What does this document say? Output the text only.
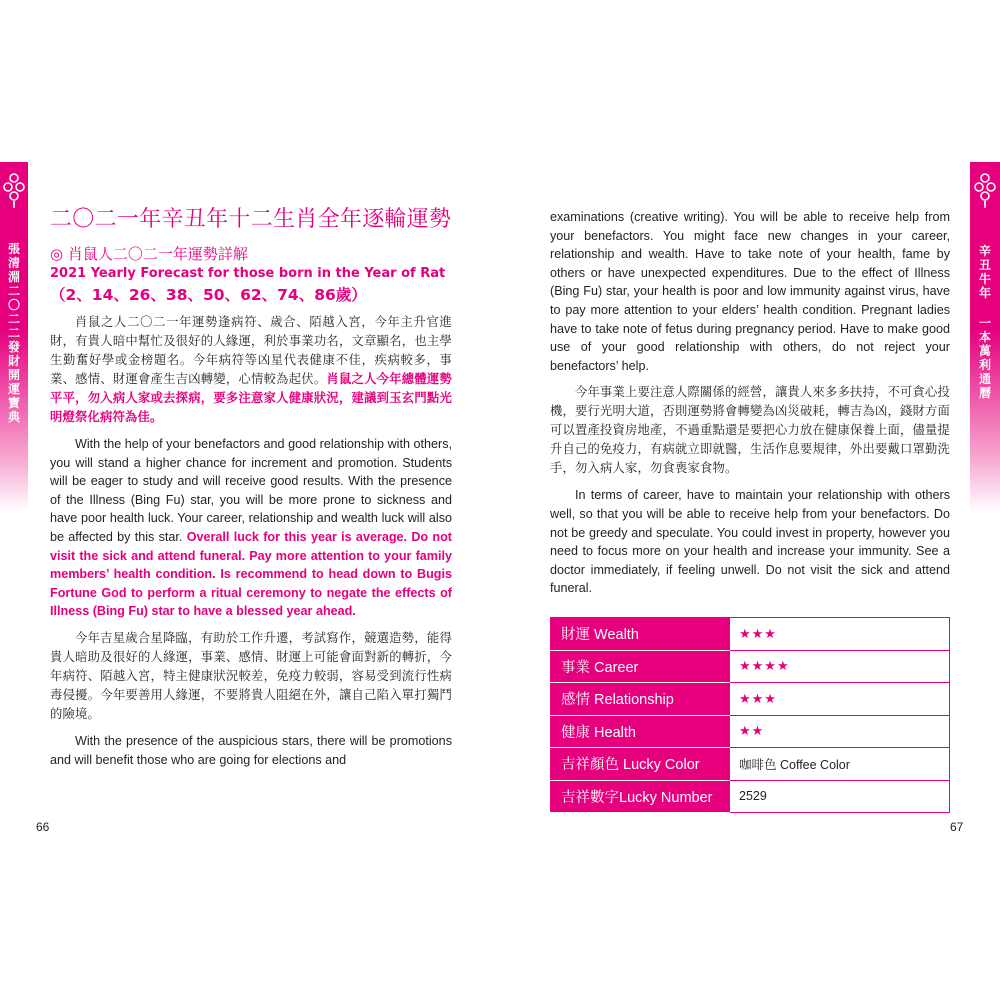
張清淵二〇二二發財開運寶典
辛丑牛年
一本萬利通曆
二〇二一年辛丑年十二生肖全年逐輪運勢
◎ 肖鼠人二〇二一年運勢詳解
2021 Yearly Forecast for those born in the Year of Rat
（2、14、26、38、50、62、74、86歲）

肖鼠之人二〇二一年運勢逢病符、歲合、陌越入宮，今年主升官進財，有貴人暗中幫忙及很好的人緣運，利於事業功名，文章顯名，也主學生勤奮好學或金榜題名。今年病符等凶星代表健康不佳，疾病較多，事業、感情、財運會產生吉凶轉變，心情較為起伏。肖鼠之人今年總體運勢平平，勿入病人家或去探病，要多注意家人健康狀況，建議到玉玄門點光明燈祭化病符為佳。

With the help of your benefactors and good relationship with others, you will stand a higher chance for increment and promotion. Students will be eager to study and will receive good results. With the presence of the Illness (Bing Fu) star, you will be more prone to sickness and have poor health luck. Your career, relationship and wealth luck will also be affected by this star. Overall luck for this year is average. Do not visit the sick and attend funeral. Pay more attention to your family members’ health condition. Is recommend to head down to Bugis Fortune God to perform a ritual ceremony to negate the effects of Illness (Bing Fu) star to have a blessed year ahead.

今年吉星歲合星降臨，有助於工作升遷，考試寫作，競選造勢，能得貴人暗助及很好的人緣運，事業、感情、財運上可能會面對新的轉折，今年病符、陌越入宮，特主健康狀況較差，免疫力較弱，容易受到流行性病毒侵擾。今年要善用人緣運，不要將貴人阻絕在外，讓自己陷入單打獨鬥的險境。

With the presence of the auspicious stars, there will be promotions and will benefit those who are going for elections and

66

examinations (creative writing). You will be able to receive help from your benefactors. You might face new changes in your career, relationship and wealth. Have to take note of your health, fame by others or have unexpected expenditures. Due to the effect of Illness (Bing Fu) star, your health is poor and low immunity against virus, have to pay more attention to your elders’ health condition. Pregnant ladies have to take note of fetus during pregnancy period. Have to make good use of your good relationship with others, do not reject your benefactors’ help.

今年事業上要注意人際關係的經營，讓貴人來多多扶持，不可貪心投機，要行光明大道，否則運勢將會轉變為凶災破耗，轉吉為凶，錢財方面可以置產投資房地產，不過重點還是要把心力放在健康保養上面，儘量提升自己的免疫力，有病就立即就醫，生活作息要規律，外出要戴口罩勤洗手，勿入病人家，勿食喪家食物。

In terms of career, have to maintain your relationship with others well, so that you will be able to receive help from your benefactors. Do not be greedy and speculate. You could invest in property, however you need to focus more on your health and increase your immunity. See a doctor immediately, if feeling unwell. Do not visit the sick and attend funeral.

財運 Wealth	★★★
事業 Career	★★★★
感情 Relationship	★★★
健康 Health	★★
吉祥顏色 Lucky Color	咖啡色 Coffee Color
吉祥數字Lucky Number	2529
67
